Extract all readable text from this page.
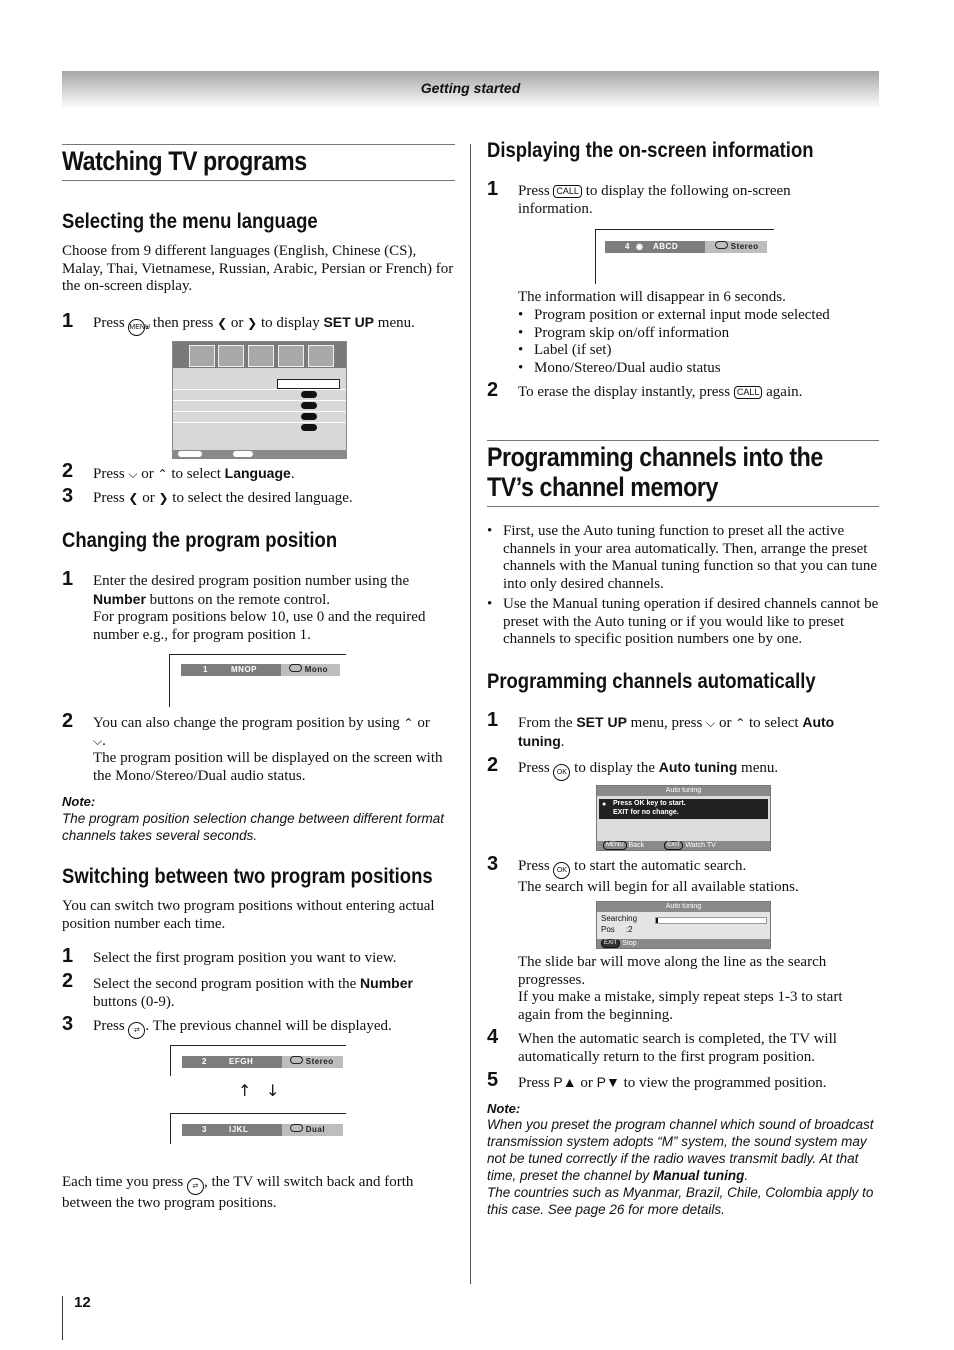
Getting started
Watching TV programs
Selecting the menu language
Choose from 9 different languages (English, Chinese (CS), Malay, Thai, Vietnamese, Russian, Arabic, Persian or French) for the on-screen display.
1 Press MENU, then press ❮ or ❯ to display SET UP menu.
2 Press ⌵ or ⌃ to select Language.
3 Press ❮ or ❯ to select the desired language.
Changing the program position
1 Enter the desired program position number using the Number buttons on the remote control.
For program positions below 10, use 0 and the required number e.g., for program position 1.
1	MNOP	Mono
2 You can also change the program position by using ⌃ or
⌵.
The program position will be displayed on the screen with the Mono/Stereo/Dual audio status.
Note:
The program position selection change between different format channels takes several seconds.
Switching between two program positions
You can switch two program positions without entering actual position number each time.
1 Select the first program position you want to view.
2 Select the second program position with the Number buttons (0-9).
3 Press ⇄ . The previous channel will be displayed.
2	EFGH	Stereo
↑ ↓
3	IJKL	Dual
Each time you press ⇄ , the TV will switch back and forth between the two program positions.
Displaying the on-screen information
1 Press CALL to display the following on-screen information.
4 ◉ ABCD	Stereo
The information will disappear in 6 seconds.
• Program position or external input mode selected
• Program skip on/off information
• Label (if set)
• Mono/Stereo/Dual audio status
2 To erase the display instantly, press CALL again.
Programming channels into the
TV’s channel memory
• First, use the Auto tuning function to preset all the active channels in your area automatically. Then, arrange the preset channels with the Manual tuning function so that you can tune into only desired channels.
• Use the Manual tuning operation if desired channels cannot be preset with the Auto tuning or if you would like to preset channels to specific position numbers one by one.
Programming channels automatically
1 From the SET UP menu, press ⌵ or ⌃ to select Auto tuning.
2 Press OK to display the Auto tuning menu.
Auto tuning
● Press OK key to start.
EXIT for no change.
MENU Back	EXIT Watch TV
3 Press OK to start the automatic search.
The search will begin for all available stations.
Auto tuning
Searching
Pos     :2
EXIT Stop
The slide bar will move along the line as the search progresses.
If you make a mistake, simply repeat steps 1-3 to start again from the beginning.
4 When the automatic search is completed, the TV will automatically return to the first program position.
5 Press P▲ or P▼ to view the programmed position.
Note:
When you preset the program channel which sound of broadcast transmission system adopts “M” system, the sound system may not be tuned correctly if the radio waves transmit badly. At that time, preset the channel by Manual tuning.
The countries such as Myanmar, Brazil, Chile, Colombia apply to this case. See page 26 for more details.
12
